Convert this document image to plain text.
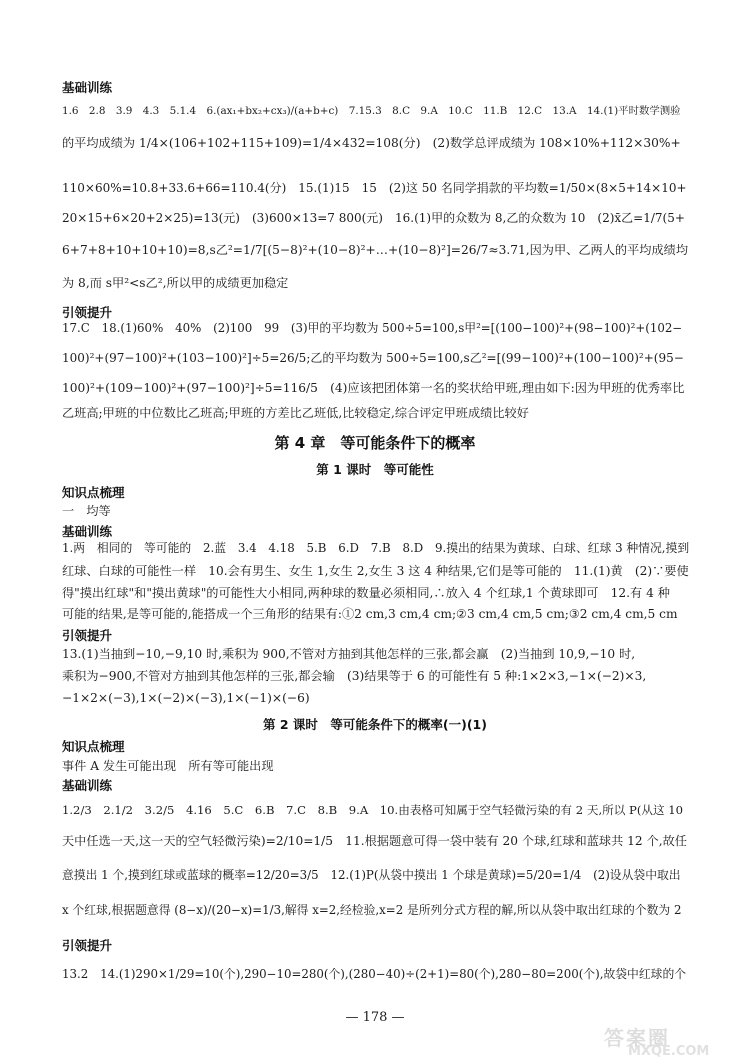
基础训练
1.6　2.8　3.9　4.3　5.1.4　6.(ax₁+bx₂+cx₃)/(a+b+c)　7.15.3　8.C　9.A　10.C　11.B　12.C　13.A　14.(1)平时数学测验
的平均成绩为 1/4×(106+102+115+109)=1/4×432=108(分)　(2)数学总评成绩为 108×10%+112×30%+
110×60%=10.8+33.6+66=110.4(分)　15.(1)15　15　(2)这 50 名同学捐款的平均数=1/50×(8×5+14×10+
20×15+6×20+2×25)=13(元)　(3)600×13=7 800(元)　16.(1)甲的众数为 8,乙的众数为 10　(2)x̄乙=1/7(5+
6+7+8+10+10+10)=8,s乙²=1/7[(5−8)²+(10−8)²+…+(10−8)²]=26/7≈3.71,因为甲、乙两人的平均成绩均
为 8,而 s甲²<s乙²,所以甲的成绩更加稳定
引领提升
17.C　18.(1)60%　40%　(2)100　99　(3)甲的平均数为 500÷5=100,s甲²=[(100−100)²+(98−100)²+(102−
100)²+(97−100)²+(103−100)²]÷5=26/5;乙的平均数为 500÷5=100,s乙²=[(99−100)²+(100−100)²+(95−
100)²+(109−100)²+(97−100)²]÷5=116/5　(4)应该把团体第一名的奖状给甲班,理由如下:因为甲班的优秀率比
乙班高;甲班的中位数比乙班高;甲班的方差比乙班低,比较稳定,综合评定甲班成绩比较好
第 4 章　等可能条件下的概率
第 1 课时　等可能性
知识点梳理
一　均等
基础训练
1.两　相同的　等可能的　2.蓝　3.4　4.18　5.B　6.D　7.B　8.D　9.摸出的结果为黄球、白球、红球 3 种情况,摸到
红球、白球的可能性一样　10.会有男生、女生 1,女生 2,女生 3 这 4 种结果,它们是等可能的　11.(1)黄　(2)∵要使
得"摸出红球"和"摸出黄球"的可能性大小相同,两种球的数量必须相同,∴放入 4 个红球,1 个黄球即可　12.有 4 种
可能的结果,是等可能的,能搭成一个三角形的结果有:①2 cm,3 cm,4 cm;②3 cm,4 cm,5 cm;③2 cm,4 cm,5 cm
引领提升
13.(1)当抽到−10,−9,10 时,乘积为 900,不管对方抽到其他怎样的三张,都会赢　(2)当抽到 10,9,−10 时,
乘积为−900,不管对方抽到其他怎样的三张,都会输　(3)结果等于 6 的可能性有 5 种:1×2×3,−1×(−2)×3,
−1×2×(−3),1×(−2)×(−3),1×(−1)×(−6)
第 2 课时　等可能条件下的概率(一)(1)
知识点梳理
事件 A 发生可能出现　所有等可能出现
基础训练
1.2/3　2.1/2　3.2/5　4.16　5.C　6.B　7.C　8.B　9.A　10.由表格可知属于空气轻微污染的有 2 天,所以 P(从这 10
天中任选一天,这一天的空气轻微污染)=2/10=1/5　11.根据题意可得一袋中装有 20 个球,红球和蓝球共 12 个,故任
意摸出 1 个,摸到红球或蓝球的概率=12/20=3/5　12.(1)P(从袋中摸出 1 个球是黄球)=5/20=1/4　(2)设从袋中取出
x 个红球,根据题意得 (8−x)/(20−x)=1/3,解得 x=2,经检验,x=2 是所列分式方程的解,所以从袋中取出红球的个数为 2
引领提升
13.2　14.(1)290×1/29=10(个),290−10=280(个),(280−40)÷(2+1)=80(个),280−80=200(个),故袋中红球的个
— 178 —
答案圈
MXQE.COM
